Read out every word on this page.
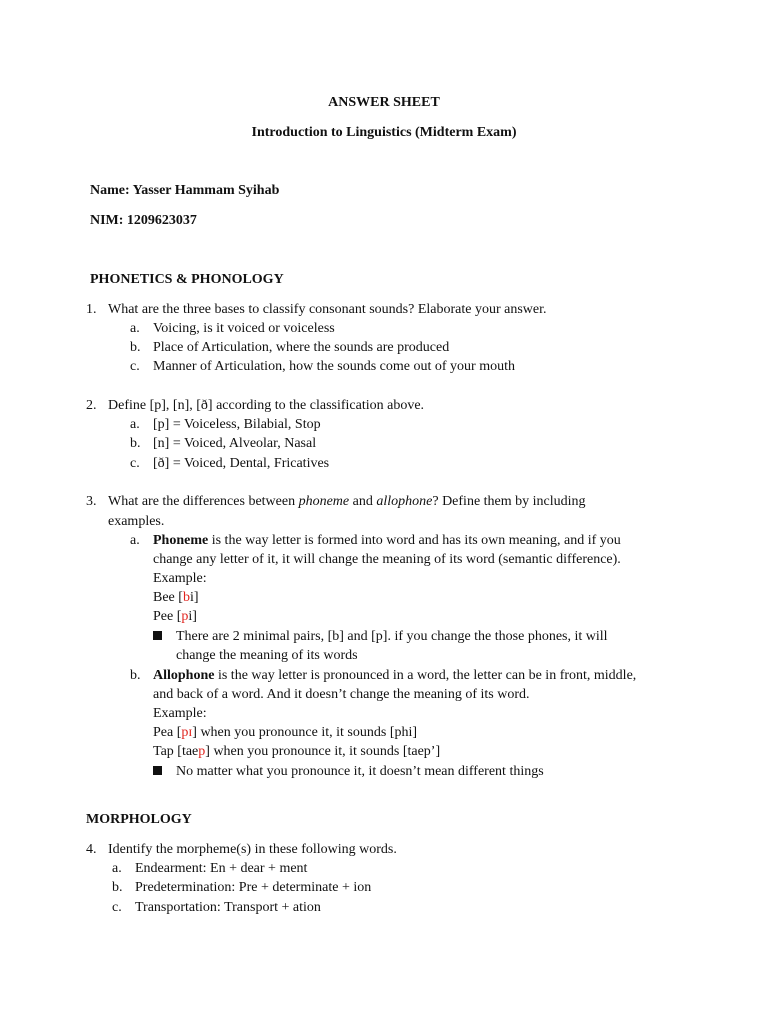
ANSWER SHEET
Introduction to Linguistics (Midterm Exam)
Name: Yasser Hammam Syihab
NIM: 1209623037
PHONETICS & PHONOLOGY
1. What are the three bases to classify consonant sounds? Elaborate your answer.
a. Voicing, is it voiced or voiceless
b. Place of Articulation, where the sounds are produced
c. Manner of Articulation, how the sounds come out of your mouth
2. Define [p], [n], [ð] according to the classification above.
a. [p] = Voiceless, Bilabial, Stop
b. [n] = Voiced, Alveolar, Nasal
c. [ð] = Voiced, Dental, Fricatives
3. What are the differences between phoneme and allophone? Define them by including
examples.
a. Phoneme is the way letter is formed into word and has its own meaning, and if you
change any letter of it, it will change the meaning of its word (semantic difference).
Example:
Bee [bi]
Pee [pi]
There are 2 minimal pairs, [b] and [p]. if you change the those phones, it will
change the meaning of its words
b. Allophone is the way letter is pronounced in a word, the letter can be in front, middle,
and back of a word. And it doesn’t change the meaning of its word.
Example:
Pea [pɪ] when you pronounce it, it sounds [phi]
Tap [taep] when you pronounce it, it sounds [taep’]
No matter what you pronounce it, it doesn’t mean different things
MORPHOLOGY
4. Identify the morpheme(s) in these following words.
a. Endearment: En + dear + ment
b. Predetermination: Pre + determinate + ion
c. Transportation: Transport + ation
